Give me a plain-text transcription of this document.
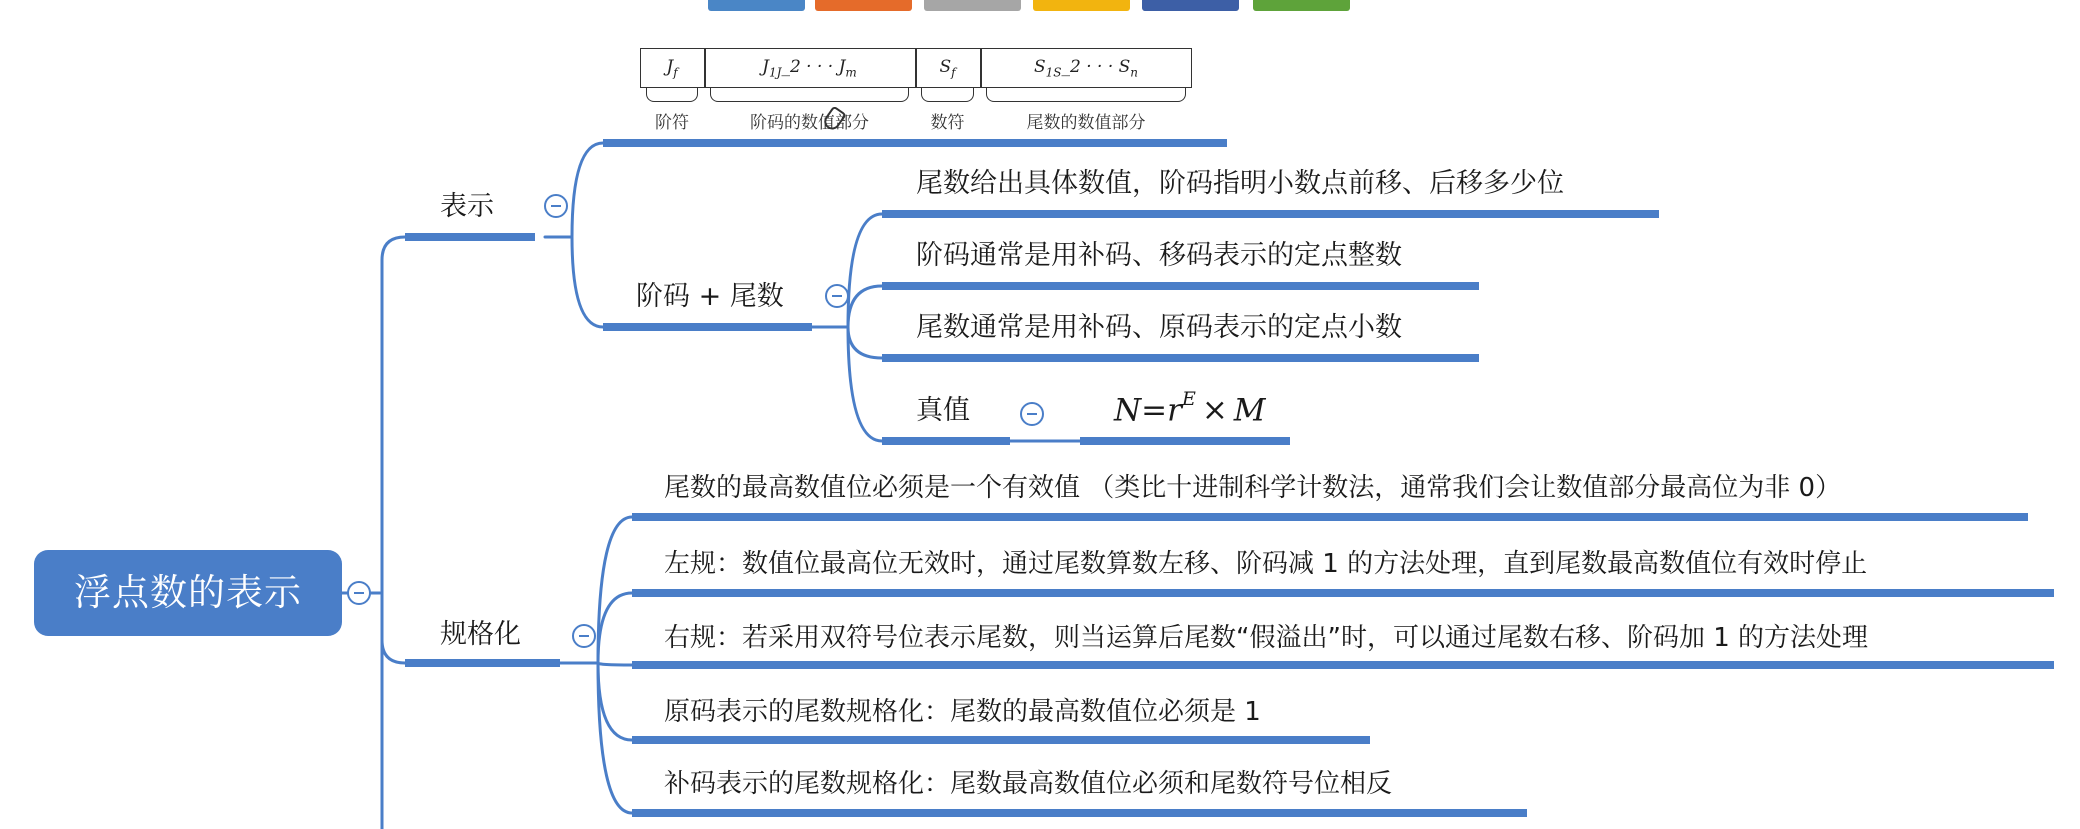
浮点数的表示
表示
$J_f$	$J_{1J}\_2$ · · · $J_m$	$S_f$	$S_{1S}\_2$ · · · $S_n$
阶符	阶码的数值部分	数符	尾数的数值部分
阶码 + 尾数
尾数给出具体数值，阶码指明小数点前移、后移多少位
阶码通常是用补码、移码表示的定点整数
尾数通常是用补码、原码表示的定点小数
真值	$N=r^E \times M$
规格化
尾数的最高数值位必须是一个有效值 （类比十进制科学计数法，通常我们会让数值部分最高位为非 0）
左规：数值位最高位无效时，通过尾数算数左移、阶码减 1 的方法处理，直到尾数最高数值位有效时停止
右规：若采用双符号位表示尾数，则当运算后尾数“假溢出”时，可以通过尾数右移、阶码加 1 的方法处理
原码表示的尾数规格化：尾数的最高数值位必须是 1
补码表示的尾数规格化：尾数最高数值位必须和尾数符号位相反
